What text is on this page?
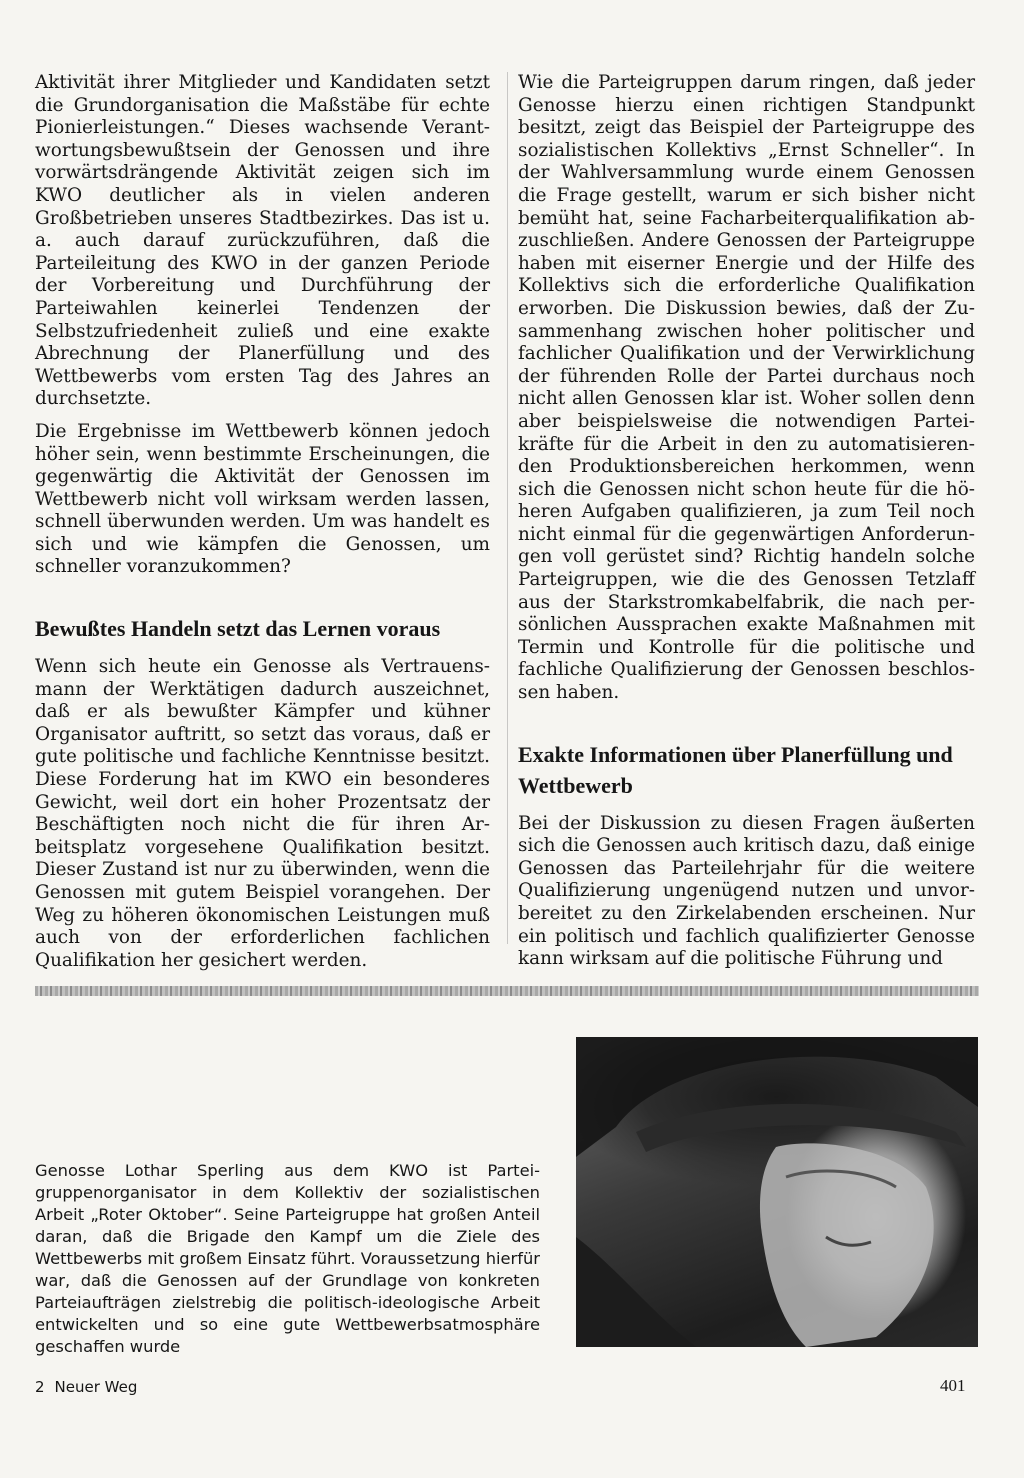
Aktivität ihrer Mitglieder und Kandidaten setzt die Grundorganisation die Maßstäbe für echte Pionierleistungen.“ Dieses wachsende Verantwortungsbewußtsein der Genossen und ihre vorwärtsdrängende Aktivität zeigen sich im KWO deutlicher als in vielen anderen Großbetrieben unseres Stadtbezirkes. Das ist u. a. auch darauf zurückzuführen, daß die Parteileitung des KWO in der ganzen Periode der Vorbereitung und Durchführung der Parteiwahlen keinerlei Tendenzen der Selbstzufriedenheit zuließ und eine exakte Abrechnung der Planerfüllung und des Wettbewerbs vom ersten Tag des Jahres an durchsetzte.

Die Ergebnisse im Wettbewerb können jedoch höher sein, wenn bestimmte Erscheinungen, die gegenwärtig die Aktivität der Genossen im Wettbewerb nicht voll wirksam werden lassen, schnell überwunden werden. Um was handelt es sich und wie kämpfen die Genossen, um schneller voranzukommen?

Bewußtes Handeln setzt das Lernen voraus

Wenn sich heute ein Genosse als Vertrauensmann der Werktätigen dadurch auszeichnet, daß er als bewußter Kämpfer und kühner Organisator auftritt, so setzt das voraus, daß er gute politische und fachliche Kenntnisse besitzt. Diese Forderung hat im KWO ein besonderes Gewicht, weil dort ein hoher Prozentsatz der Beschäftigten noch nicht die für ihren Arbeitsplatz vorgesehene Qualifikation besitzt. Dieser Zustand ist nur zu überwinden, wenn die Genossen mit gutem Beispiel vorangehen. Der Weg zu höheren ökonomischen Leistungen muß auch von der erforderlichen fachlichen Qualifikation her gesichert werden.

Wie die Parteigruppen darum ringen, daß jeder Genosse hierzu einen richtigen Standpunkt besitzt, zeigt das Beispiel der Parteigruppe des sozialistischen Kollektivs „Ernst Schneller“. In der Wahlversammlung wurde einem Genossen die Frage gestellt, warum er sich bisher nicht bemüht hat, seine Facharbeiterqualifikation abzuschließen. Andere Genossen der Parteigruppe haben mit eiserner Energie und der Hilfe des Kollektivs sich die erforderliche Qualifikation erworben. Die Diskussion bewies, daß der Zusammenhang zwischen hoher politischer und fachlicher Qualifikation und der Verwirklichung der führenden Rolle der Partei durchaus noch nicht allen Genossen klar ist. Woher sollen denn aber beispielsweise die notwendigen Parteikräfte für die Arbeit in den zu automatisierenden Produktionsbereichen herkommen, wenn sich die Genossen nicht schon heute für die höheren Aufgaben qualifizieren, ja zum Teil noch nicht einmal für die gegenwärtigen Anforderungen voll gerüstet sind? Richtig handeln solche Parteigruppen, wie die des Genossen Tetzlaff aus der Starkstromkabelfabrik, die nach persönlichen Aussprachen exakte Maßnahmen mit Termin und Kontrolle für die politische und fachliche Qualifizierung der Genossen beschlossen haben.

Exakte Informationen über Planerfüllung und Wettbewerb

Bei der Diskussion zu diesen Fragen äußerten sich die Genossen auch kritisch dazu, daß einige Genossen das Parteilehrjahr für die weitere Qualifizierung ungenügend nutzen und unvorbereitet zu den Zirkelabenden erscheinen. Nur ein politisch und fachlich qualifizierter Genosse kann wirksam auf die politische Führung und

Genosse Lothar Sperling aus dem KWO ist Parteigruppenorganisator in dem Kollektiv der sozialistischen Arbeit „Roter Oktober“. Seine Parteigruppe hat großen Anteil daran, daß die Brigade den Kampf um die Ziele des Wettbewerbs mit großem Einsatz führt. Voraussetzung hierfür war, daß die Genossen auf der Grundlage von konkreten Parteiaufträgen zielstrebig die politisch-ideologische Arbeit entwickelten und so eine gute Wettbewerbsatmosphäre geschaffen wurde
2 Neuer Weg	401
